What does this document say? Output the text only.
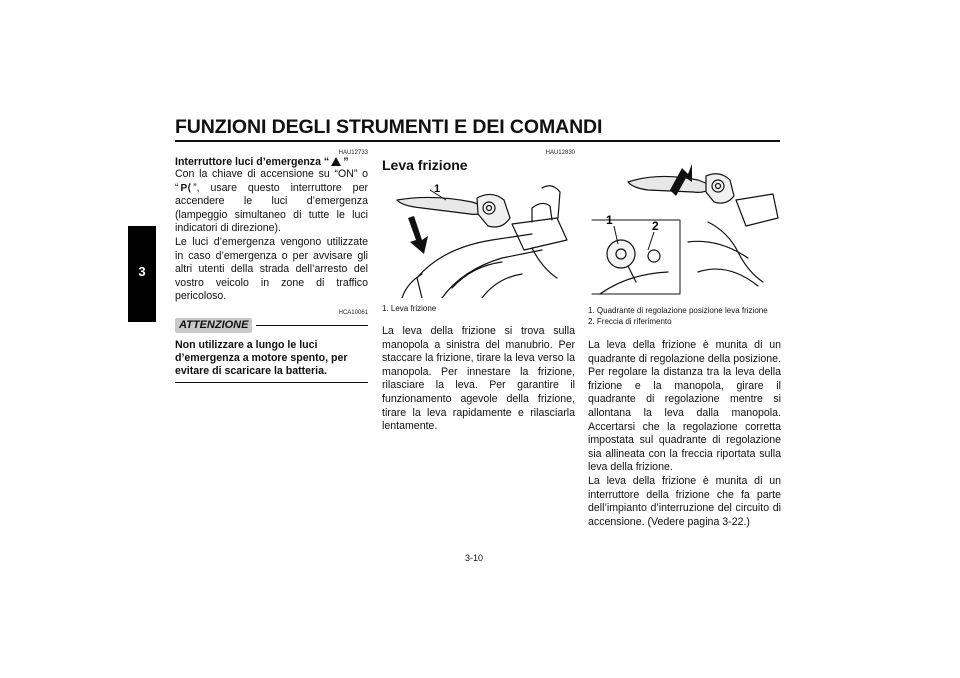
FUNZIONI DEGLI STRUMENTI E DEI COMANDI
3
HAU12733
Interruttore luci d’emergenza “ ”

Con la chiave di accensione su “ON” o “ P⟨ ”, usare questo interruttore per accendere le luci d’emergenza (lampeggio simultaneo di tutte le luci indicatori di direzione).

Le luci d’emergenza vengono utilizzate in caso d’emergenza o per avvisare gli altri utenti della strada dell’arresto del vostro veicolo in zone di traffico pericoloso.

HCA10061
ATTENZIONE
Non utilizzare a lungo le luci d’emergenza a motore spento, per evitare di scaricare la batteria.
HAU12830
Leva frizione
1
1. Leva frizione
La leva della frizione si trova sulla manopola a sinistra del manubrio. Per staccare la frizione, tirare la leva verso la manopola. Per innestare la frizione, rilasciare la leva. Per garantire il funzionamento agevole della frizione, tirare la leva rapidamente e rilasciarla lentamente.
1	2
1. Quadrante di regolazione posizione leva frizione
2. Freccia di riferimento

La leva della frizione è munita di un quadrante di regolazione della posizione. Per regolare la distanza tra la leva della frizione e la manopola, girare il quadrante di regolazione mentre si allontana la leva dalla manopola. Accertarsi che la regolazione corretta impostata sul quadrante di regolazione sia allineata con la freccia riportata sulla leva della frizione.

La leva della frizione è munita di un interruttore della frizione che fa parte dell’impianto d’interruzione del circuito di accensione. (Vedere pagina 3-22.)

3-10
